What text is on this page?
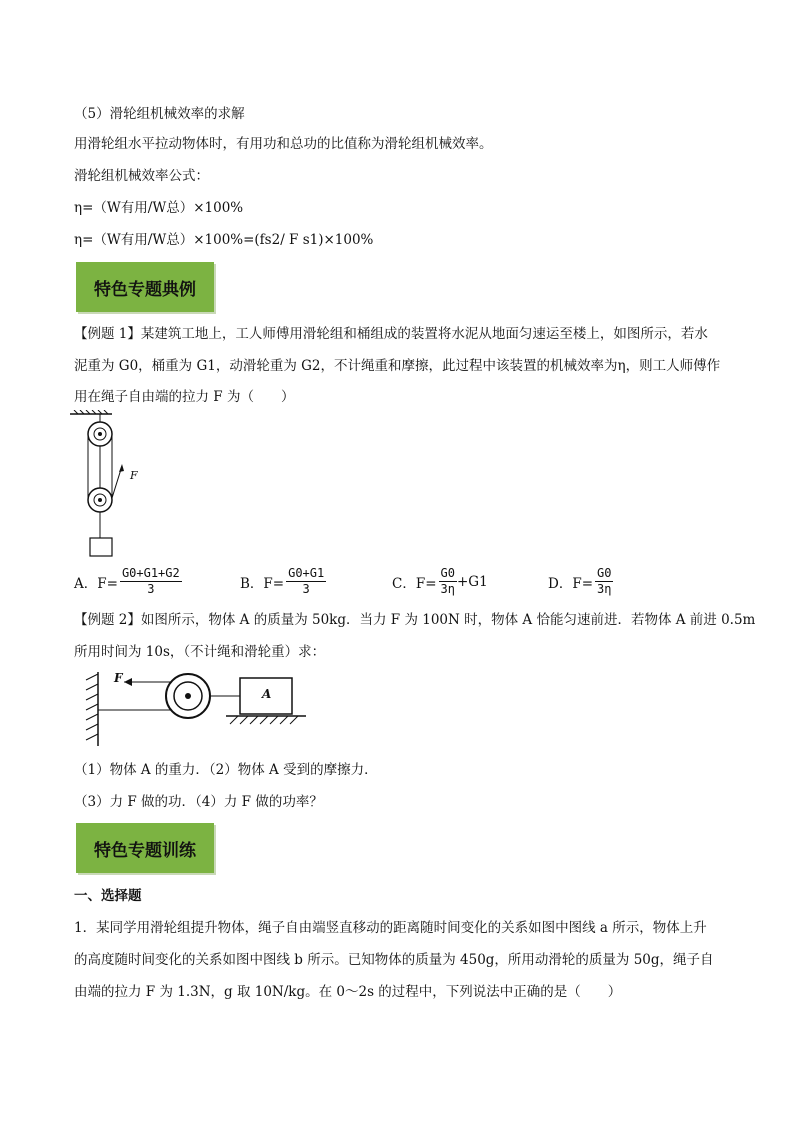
（5）滑轮组机械效率的求解
用滑轮组水平拉动物体时，有用功和总功的比值称为滑轮组机械效率。
滑轮组机械效率公式：
η=（W有用/W总）×100%
η=（W有用/W总）×100%=(fs2/ F s1)×100%
特色专题典例
【例题 1】某建筑工地上，工人师傅用滑轮组和桶组成的装置将水泥从地面匀速运至楼上，如图所示，若水
泥重为 G0，桶重为 G1，动滑轮重为 G2，不计绳重和摩擦，此过程中该装置的机械效率为η，则工人师傅作
用在绳子自由端的拉力 F 为（　　）
F
A．$F= \frac{G0+G1+G2}{3}$	B．$F= \frac{G0+G1}{3}$	C．$F= \frac{G0}{3\eta} +G1$	D．$F= \frac{G0}{3\eta}$
【例题 2】如图所示，物体 A 的质量为 50kg．当力 F 为 100N 时，物体 A 恰能匀速前进．若物体 A 前进 0.5m
所用时间为 10s，（不计绳和滑轮重）求：
F
A
（1）物体 A 的重力．（2）物体 A 受到的摩擦力．
（3）力 F 做的功．（4）力 F 做的功率？
特色专题训练
一、选择题
1．某同学用滑轮组提升物体，绳子自由端竖直移动的距离随时间变化的关系如图中图线 a 所示，物体上升
的高度随时间变化的关系如图中图线 b 所示。已知物体的质量为 450g，所用动滑轮的质量为 50g，绳子自
由端的拉力 F 为 1.3N，g 取 10N/kg。在 0～2s 的过程中，下列说法中正确的是（　　）
